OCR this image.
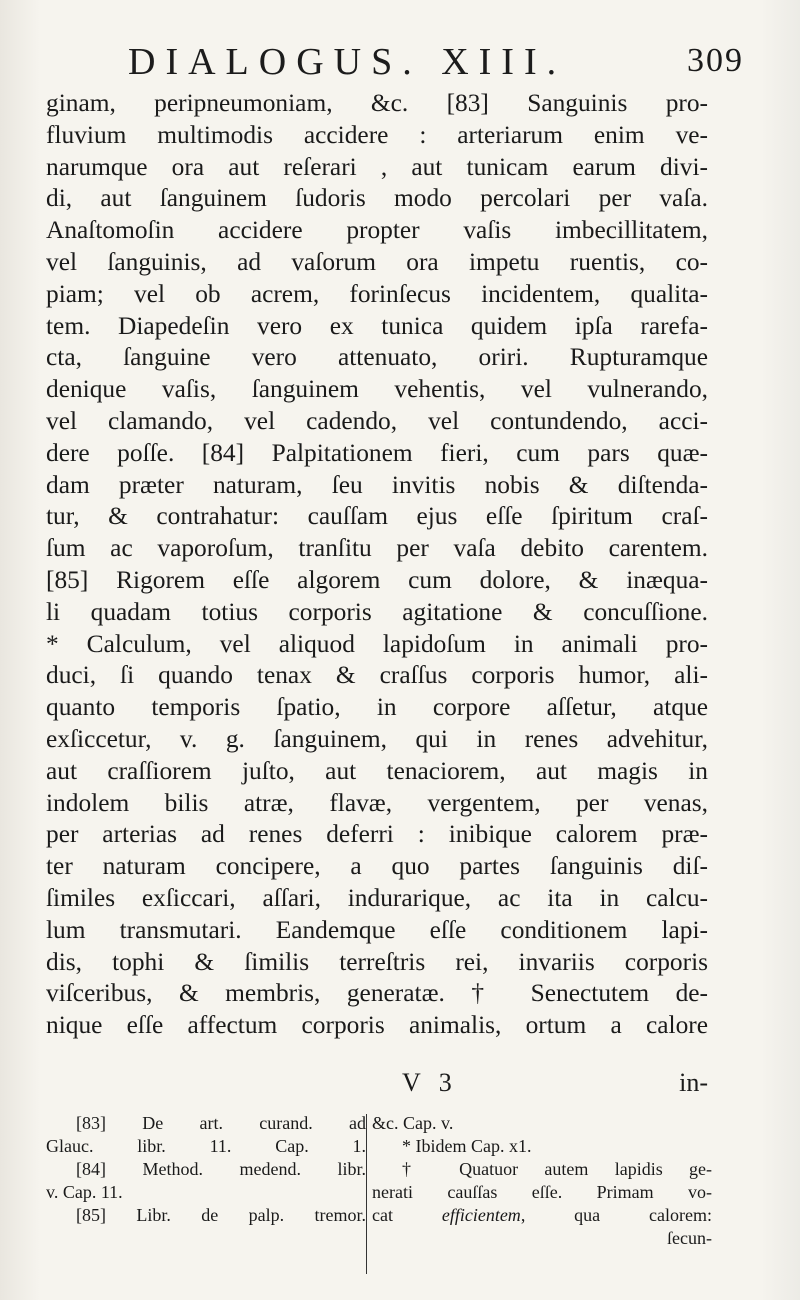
DIALOGUS. XIII.	309
ginam, peripneumoniam, &c. [83] Sanguinis pro-
fluvium multimodis accidere : arteriarum enim ve-
narumque ora aut reſerari , aut tunicam earum divi-
di, aut ſanguinem ſudoris modo percolari per vaſa.
Anaſtomoſin accidere propter vaſis imbecillitatem,
vel ſanguinis, ad vaſorum ora impetu ruentis, co-
piam; vel ob acrem, forinſecus incidentem, qualita-
tem. Diapedeſin vero ex tunica quidem ipſa rarefa-
cta, ſanguine vero attenuato, oriri. Rupturamque
denique vaſis, ſanguinem vehentis, vel vulnerando,
vel clamando, vel cadendo, vel contundendo, acci-
dere poſſe. [84] Palpitationem fieri, cum pars quæ-
dam præter naturam, ſeu invitis nobis & diſtenda-
tur, & contrahatur: cauſſam ejus eſſe ſpiritum craſ-
ſum ac vaporoſum, tranſitu per vaſa debito carentem.
[85] Rigorem eſſe algorem cum dolore, & inæqua-
li quadam totius corporis agitatione & concuſſione.
* Calculum, vel aliquod lapidoſum in animali pro-
duci, ſi quando tenax & craſſus corporis humor, ali-
quanto temporis ſpatio, in corpore aſſetur, atque
exſiccetur, v. g. ſanguinem, qui in renes advehitur,
aut craſſiorem juſto, aut tenaciorem, aut magis in
indolem bilis atræ, flavæ, vergentem, per venas,
per arterias ad renes deferri : inibique calorem præ-
ter naturam concipere, a quo partes ſanguinis diſ-
ſimiles exſiccari, aſſari, indurarique, ac ita in calcu-
lum transmutari. Eandemque eſſe conditionem lapi-
dis, tophi & ſimilis terreſtris rei, invariis corporis
viſceribus, & membris, generatæ. † Senectutem de-
nique eſſe affectum corporis animalis, ortum a calore
V 3	in-
[83] De art. curand. ad
Glauc. libr. 11. Cap. 1.
[84] Method. medend. libr.
v. Cap. 11.
[85] Libr. de palp. tremor.
&c. Cap. v.
* Ibidem Cap. x1.
† Quatuor autem lapidis ge-
nerati cauſſas eſſe. Primam vo-
cat	efficientem, qua calorem:
ſecun-
